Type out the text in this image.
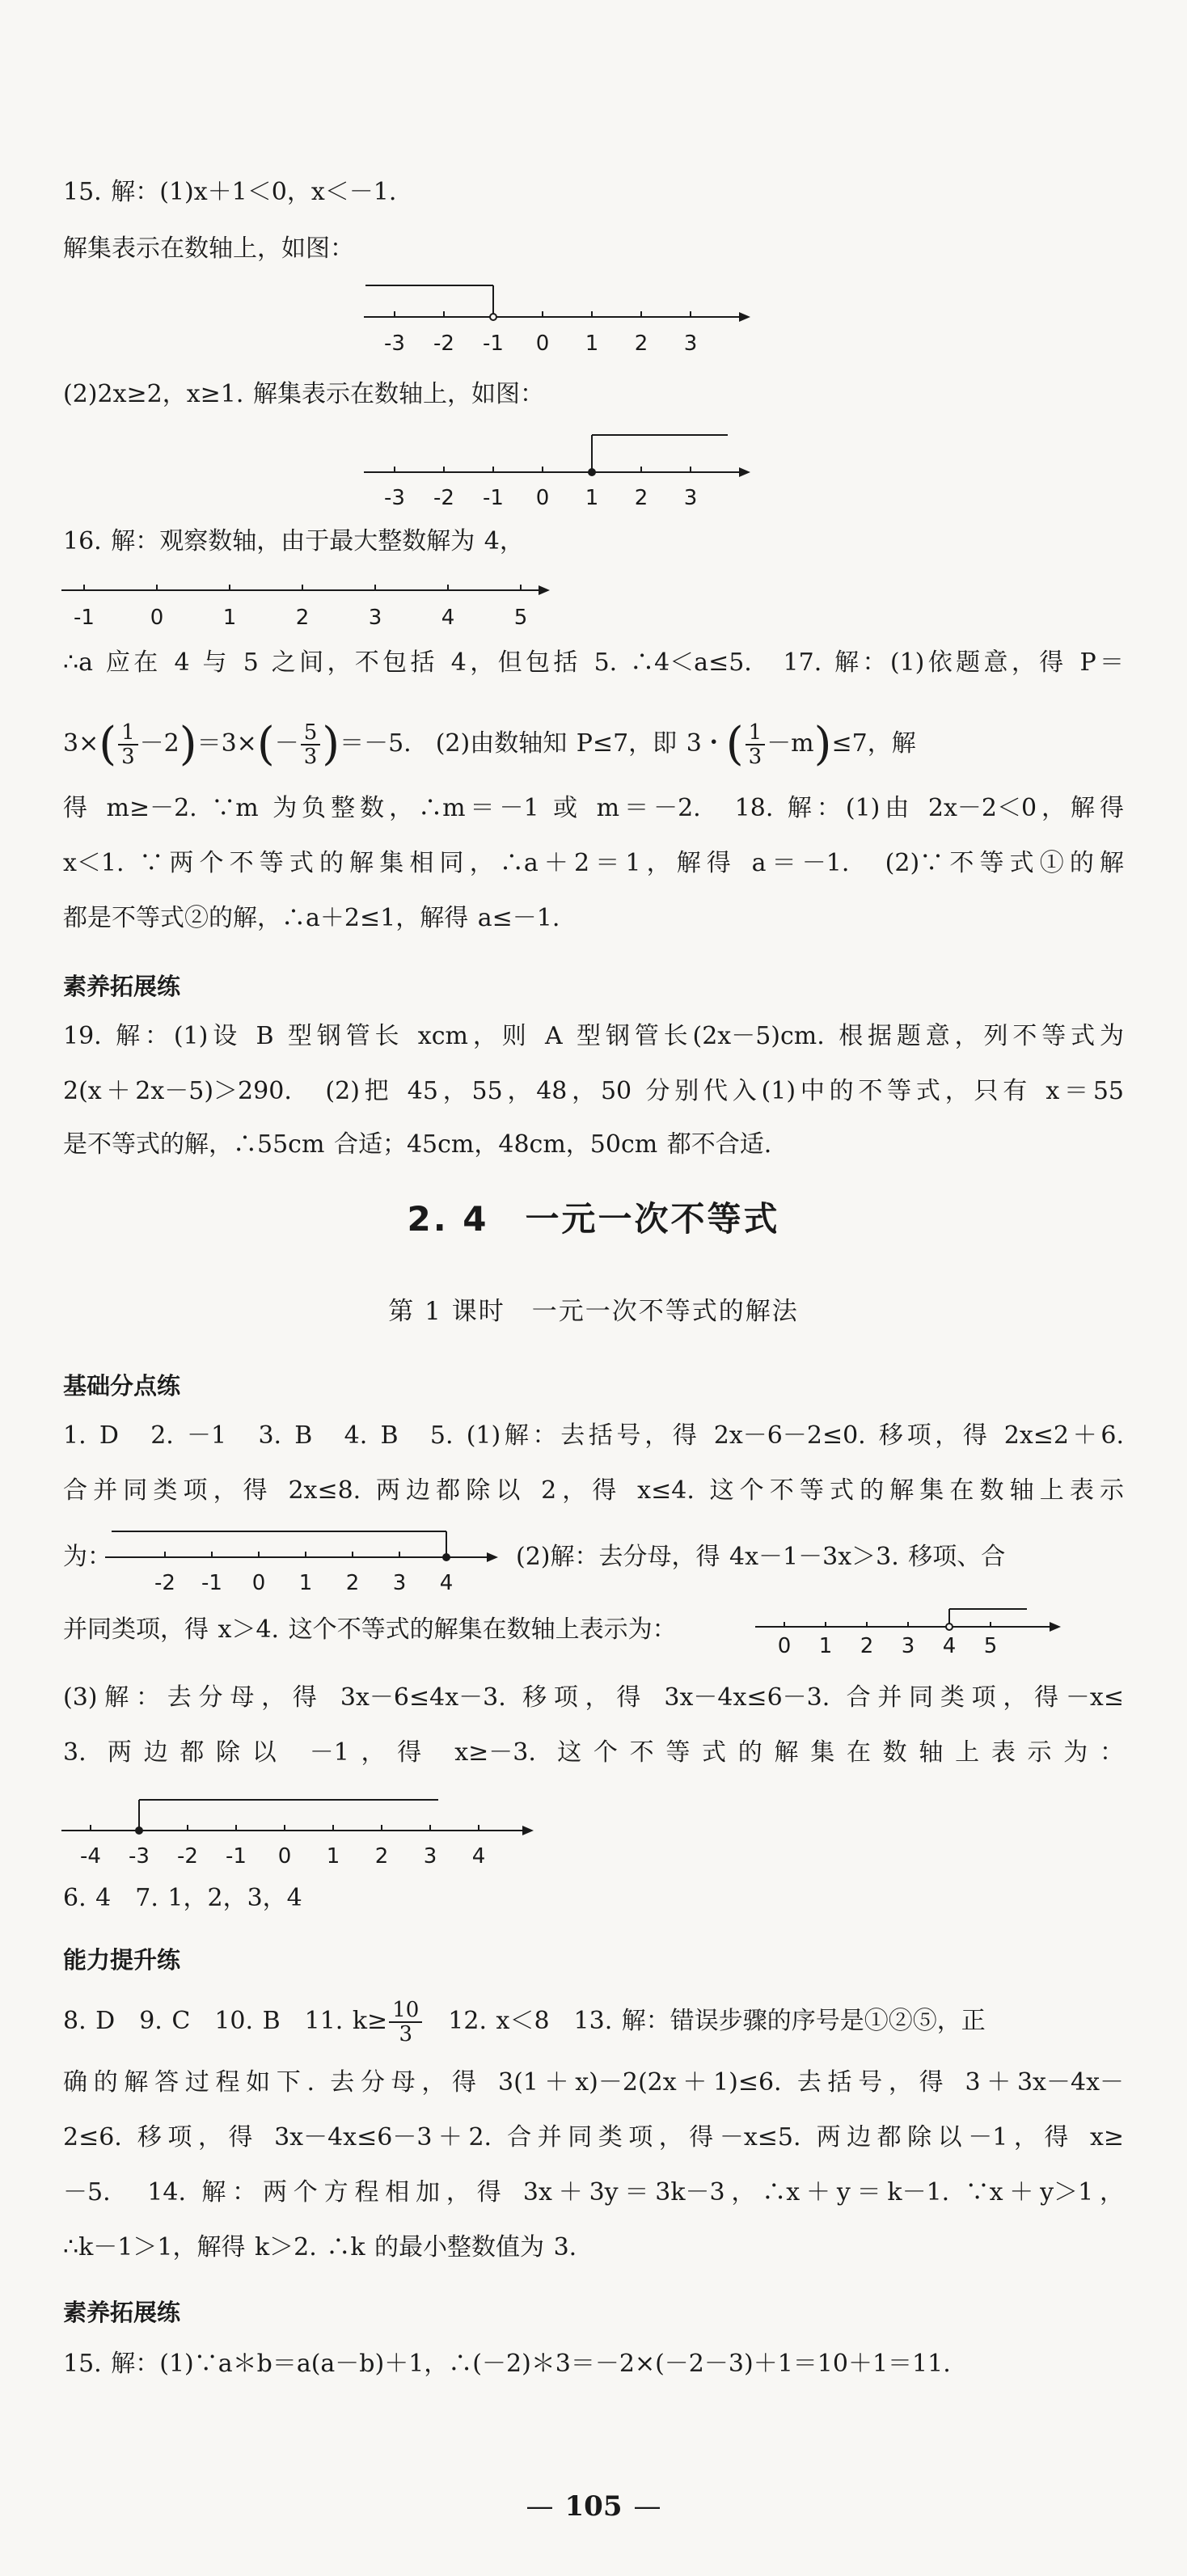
15. 解：(1)x＋1＜0，x＜－1.
解集表示在数轴上，如图：
-3 -2 -1 0 1 2 3
(2)2x≥2，x≥1. 解集表示在数轴上，如图：
-3 -2 -1 0 1 2 3
16. 解：观察数轴，由于最大整数解为 4，
-1	0	1	2	3	4	5
∴a 应在 4 与 5 之间，不包括 4，但包括 5. ∴4＜a≤5.　17. 解：(1)依题意，得 P＝
$3\times( \frac{1}{3} -2)=3\times(- \frac{5}{3} )=-5$.　(2)由数轴知 P≤7，即 3・( $\frac{1}{3} -m)\le 7$，解
得 m≥－2. ∵m 为负整数，∴m＝－1 或 m＝－2.　18. 解：(1)由 2x－2＜0，解得
x＜1. ∵两个不等式的解集相同，∴a＋2＝1，解得 a＝－1.　(2)∵不等式①的解
都是不等式②的解，∴a＋2≤1，解得 a≤－1.
素养拓展练
19. 解：(1)设 B 型钢管长 xcm，则 A 型钢管长(2x－5)cm. 根据题意，列不等式为
2(x＋2x－5)＞290.　(2)把 45，55，48，50 分别代入(1)中的不等式，只有 x＝55
是不等式的解，∴55cm 合适；45cm，48cm，50cm 都不合适.
2. 4　一元一次不等式
第 1 课时　一元一次不等式的解法
基础分点练
1. D　2. －1　3. B　4. B　5. (1)解：去括号，得 2x－6－2≤0. 移项，得 2x≤2＋6.
合并同类项，得 2x≤8. 两边都除以 2，得 x≤4. 这个不等式的解集在数轴上表示
为：	(2)解：去分母，得 4x－1－3x＞3. 移项、合
-2 -1 0 1 2 3 4
并同类项，得 x＞4. 这个不等式的解集在数轴上表示为：
0 1 2 3 4 5
(3)解：去分母，得 3x－6≤4x－3. 移项，得 3x－4x≤6－3. 合并同类项，得－x≤
3. 两边都除以 －1，得 x≥－3. 这个不等式的解集在数轴上表示为：
-4 -3 -2 -1 0 1 2 3 4
6. 4　7. 1，2，3，4
能力提升练
8. D　9. C　10. B　11. $k\ge \frac{10}{3}$
　 12. x＜8　13. 解：错误步骤的序号是①②⑤，正
确的解答过程如下. 去分母，得 3(1＋x)－2(2x＋1)≤6. 去括号，得 3＋3x－4x－
2≤6. 移项，得 3x－4x≤6－3＋2. 合并同类项，得－x≤5. 两边都除以－1，得 x≥
－5.　14. 解：两个方程相加，得 3x＋3y＝3k－3，∴x＋y＝k－1. ∵x＋y＞1，
∴k－1＞1，解得 k＞2. ∴k 的最小整数值为 3.
素养拓展练
15. 解：(1)∵a＊b＝a(a－b)＋1，∴(－2)＊3＝－2×(－2－3)＋1＝10＋1＝11.
— 105 —
